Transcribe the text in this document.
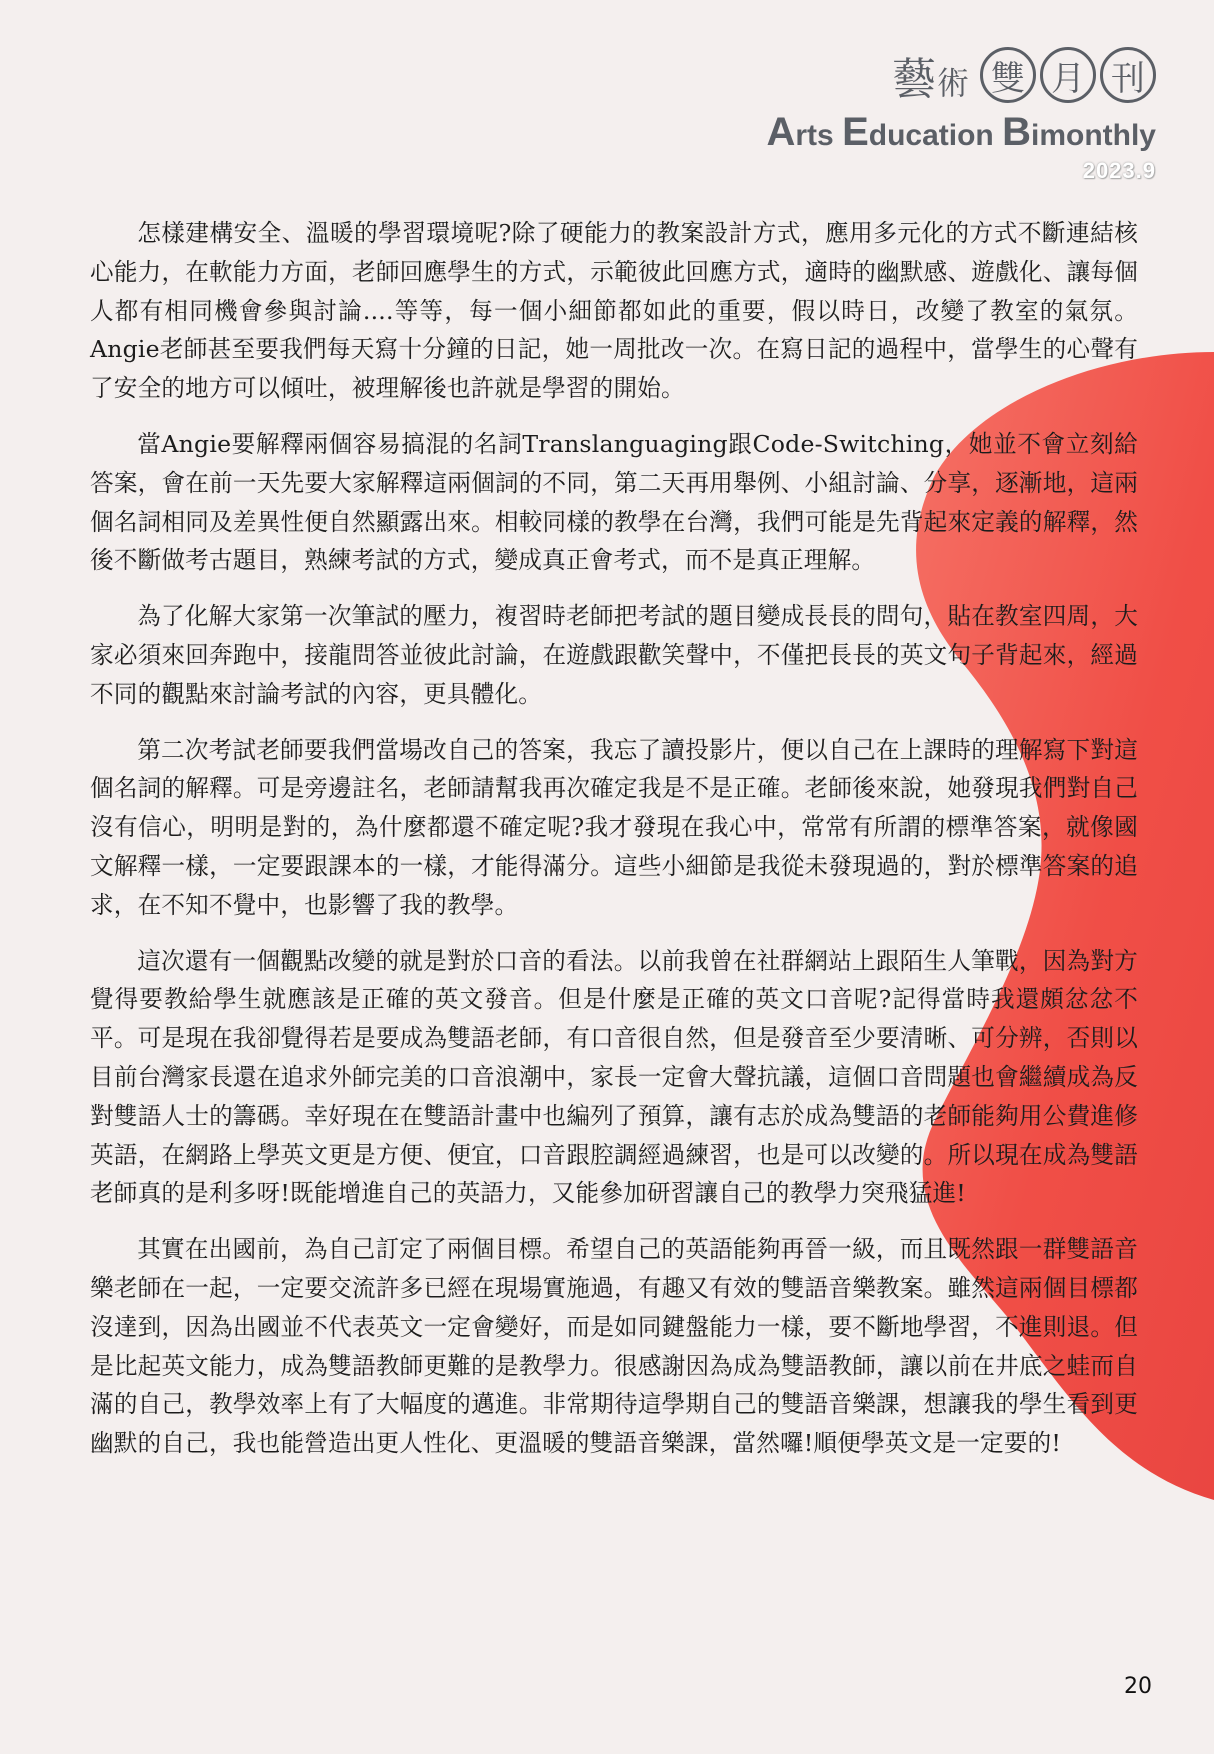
藝術 雙 月 刊
Arts Education Bimonthly
2023.9

怎樣建構安全、溫暖的學習環境呢?除了硬能力的教案設計方式，應用多元化的方式不斷連結核心能力，在軟能力方面，老師回應學生的方式，示範彼此回應方式，適時的幽默感、遊戲化、讓每個人都有相同機會參與討論....等等，每一個小細節都如此的重要，假以時日，改變了教室的氣氛。Angie老師甚至要我們每天寫十分鐘的日記，她一周批改一次。在寫日記的過程中，當學生的心聲有了安全的地方可以傾吐，被理解後也許就是學習的開始。

當Angie要解釋兩個容易搞混的名詞Translanguaging跟Code-Switching，她並不會立刻給答案，會在前一天先要大家解釋這兩個詞的不同，第二天再用舉例、小組討論、分享，逐漸地，這兩個名詞相同及差異性便自然顯露出來。相較同樣的教學在台灣，我們可能是先背起來定義的解釋，然後不斷做考古題目，熟練考試的方式，變成真正會考式，而不是真正理解。

為了化解大家第一次筆試的壓力，複習時老師把考試的題目變成長長的問句，貼在教室四周，大家必須來回奔跑中，接龍問答並彼此討論，在遊戲跟歡笑聲中，不僅把長長的英文句子背起來，經過不同的觀點來討論考試的內容，更具體化。

第二次考試老師要我們當場改自己的答案，我忘了讀投影片，便以自己在上課時的理解寫下對這個名詞的解釋。可是旁邊註名，老師請幫我再次確定我是不是正確。老師後來說，她發現我們對自己沒有信心，明明是對的，為什麼都還不確定呢?我才發現在我心中，常常有所謂的標準答案，就像國文解釋一樣，一定要跟課本的一樣，才能得滿分。這些小細節是我從未發現過的，對於標準答案的追求，在不知不覺中，也影響了我的教學。

這次還有一個觀點改變的就是對於口音的看法。以前我曾在社群網站上跟陌生人筆戰，因為對方覺得要教給學生就應該是正確的英文發音。但是什麼是正確的英文口音呢?記得當時我還頗忿忿不平。可是現在我卻覺得若是要成為雙語老師，有口音很自然，但是發音至少要清晰、可分辨，否則以目前台灣家長還在追求外師完美的口音浪潮中，家長一定會大聲抗議，這個口音問題也會繼續成為反對雙語人士的籌碼。幸好現在在雙語計畫中也編列了預算，讓有志於成為雙語的老師能夠用公費進修英語，在網路上學英文更是方便、便宜，口音跟腔調經過練習，也是可以改變的。所以現在成為雙語老師真的是利多呀!既能增進自己的英語力，又能參加研習讓自己的教學力突飛猛進!

其實在出國前，為自己訂定了兩個目標。希望自己的英語能夠再晉一級，而且既然跟一群雙語音樂老師在一起，一定要交流許多已經在現場實施過，有趣又有效的雙語音樂教案。雖然這兩個目標都沒達到，因為出國並不代表英文一定會變好，而是如同鍵盤能力一樣，要不斷地學習，不進則退。但是比起英文能力，成為雙語教師更難的是教學力。很感謝因為成為雙語教師，讓以前在井底之蛙而自滿的自己，教學效率上有了大幅度的邁進。非常期待這學期自己的雙語音樂課，想讓我的學生看到更幽默的自己，我也能營造出更人性化、更溫暖的雙語音樂課，當然囉!順便學英文是一定要的!

20
